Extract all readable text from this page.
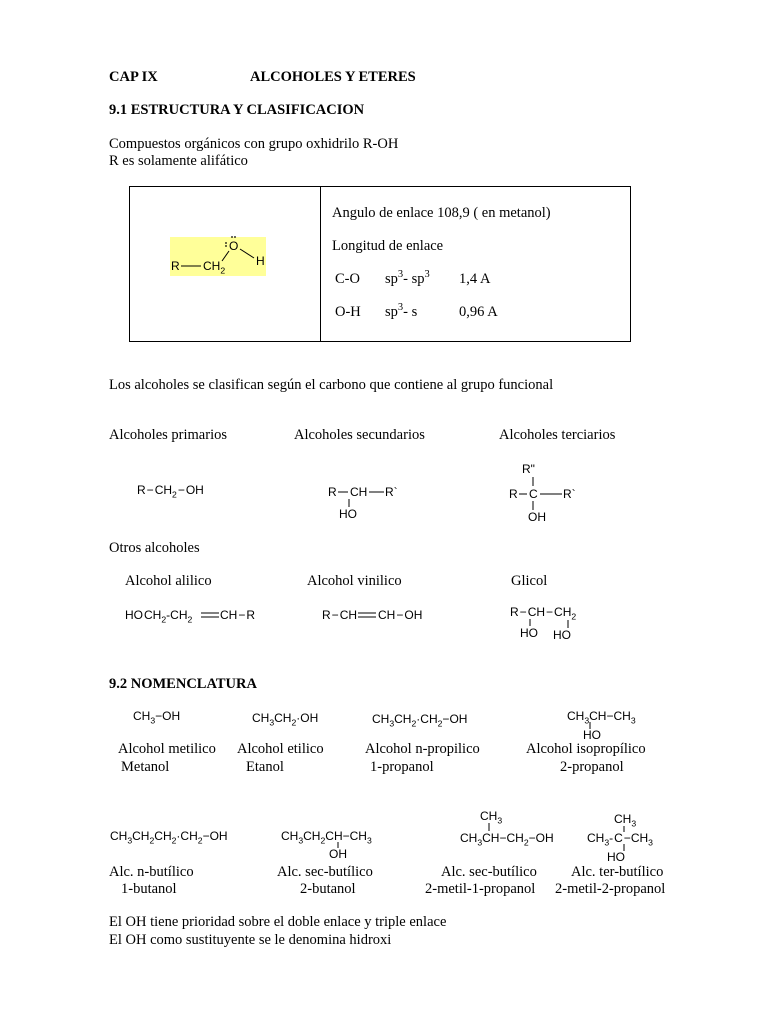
CAP IX	ALCOHOLES Y ETERES
9.1 ESTRUCTURA Y CLASIFICACION
Compuestos orgánicos con grupo oxhidrilo R-OH
R es solamente alifático
R $CH_2$
O
H
Angulo de enlace 108,9 ( en metanol)
Longitud de enlace
C-O $sp^3-$ $sp^3$ 1,4 A
O-H $sp^3-$ s	0,96 A
Los alcoholes se clasifican según el carbono que contiene al grupo funcional
Alcoholes primarios	Alcoholes secundarios	Alcoholes terciarios
R − $CH_2$ − OH	R CH R`
HO
R"
R C R`
OH
Otros alcoholes
Alcohol alilico	Alcohol vinilico	Glicol
HO $CH_2-CH_2$ CH − R	R − CH CH − OH	R − CH − $CH_2$
HO HO
9.2 NOMENCLATURA
$CH_3-OH$	$CH_3CH_2\cdot OH$	$CH_3CH_2\cdot CH_2-OH$	$CH_3CH-CH_3$
HO
Alcohol metilico
Metanol
Alcohol etilico
Etanol
Alcohol n-propilico
1-propanol
Alcohol isopropílico
2-propanol
$CH_3CH_2CH_2\cdot CH_2-OH$	$CH_3CH_2CH-CH_3$
OH
$CH_3$
$CH_3CH-CH_2-OH$
$CH_3$
$CH_3-$ C $-CH_3$
HO
Alc. n-butílico
1-butanol
Alc. sec-butílico
2-butanol
Alc. sec-butílico
2-metil-1-propanol
Alc. ter-butílico
2-metil-2-propanol
El OH tiene prioridad sobre el doble enlace y triple enlace
El OH como sustituyente se le denomina hidroxi
